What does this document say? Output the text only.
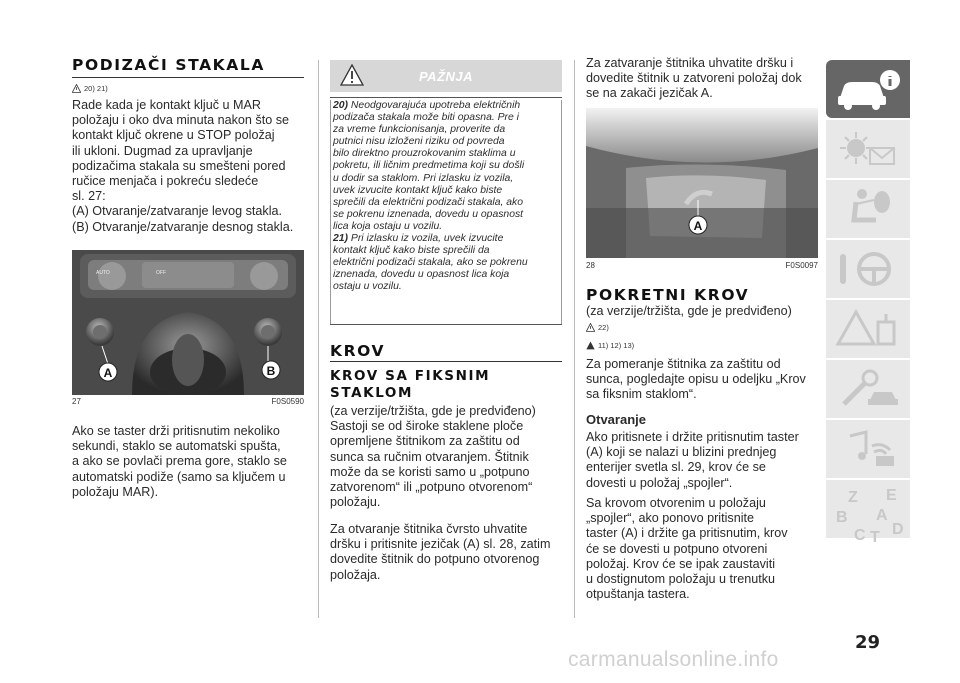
PODIZAČI STAKALA
20) 21)
Rade kada je kontakt ključ u MAR
položaju i oko dva minuta nakon što se
kontakt ključ okrene u STOP položaj
ili ukloni. Dugmad za upravljanje
podizačima stakala su smešteni pored
ručice menjača i pokreću sledeće
sl. 27:
(A) Otvaranje/zatvaranje levog stakla.
(B) Otvaranje/zatvaranje desnog stakla.
AUTO	OFF
A	B
27	F0S0590
Ako se taster drži pritisnutim nekoliko
sekundi, staklo se automatski spušta,
a ako se povlači prema gore, staklo se
automatski podiže (samo sa ključem u
položaju MAR).
PAŽNJA
20) Neodgovarajuća upotreba električnih
podizača stakala može biti opasna. Pre i
za vreme funkcionisanja, proverite da
putnici nisu izloženi riziku od povreda
bilo direktno prouzrokovanim staklima u
pokretu, ili ličnim predmetima koji su došli
u dodir sa staklom. Pri izlasku iz vozila,
uvek izvucite kontakt ključ kako biste
sprečili da električni podizači stakala, ako
se pokrenu iznenada, dovedu u opasnost
lica koja ostaju u vozilu.
21) Pri izlasku iz vozila, uvek izvucite
kontakt ključ kako biste sprečili da
električni podizači stakala, ako se pokrenu
iznenada, dovedu u opasnost lica koja
ostaju u vozilu.
KROV
KROV SA FIKSNIM
STAKLOM
(za verzije/tržišta, gde je predviđeno)
Sastoji se od široke staklene ploče
opremljene štitnikom za zaštitu od
sunca sa ručnim otvaranjem. Štitnik
može da se koristi samo u „potpuno
zatvorenom“ ili „potpuno otvorenom“
položaju.
Za otvaranje štitnika čvrsto uhvatite
dršku i pritisnite jezičak (A) sl. 28, zatim
dovedite štitnik do potpuno otvorenog
položaja.
Za zatvaranje štitnika uhvatite dršku i
dovedite štitnik u zatvoreni položaj dok
se na zakači jezičak A.
A
28	F0S0097
POKRETNI KROV
(za verzije/tržišta, gde je predviđeno)
22)
11) 12) 13)
Za pomeranje štitnika za zaštitu od
sunca, pogledajte opisu u odeljku „Krov
sa fiksnim staklom“.
Otvaranje
Ako pritisnete i držite pritisnutim taster
(A) koji se nalazi u blizini prednjeg
enterijer svetla sl. 29, krov će se
dovesti u položaj „spojler“.
Sa krovom otvorenim u položaju
„spojler“, ako ponovo pritisnite
taster (A) i držite ga pritisnutim, krov
će se dovesti u potpuno otvoreni
položaj. Krov će se ipak zaustaviti
u dostignutom položaju u trenutku
otpuštanja tastera.
Z E
B A
C T D
29
carmanualsonline.info
